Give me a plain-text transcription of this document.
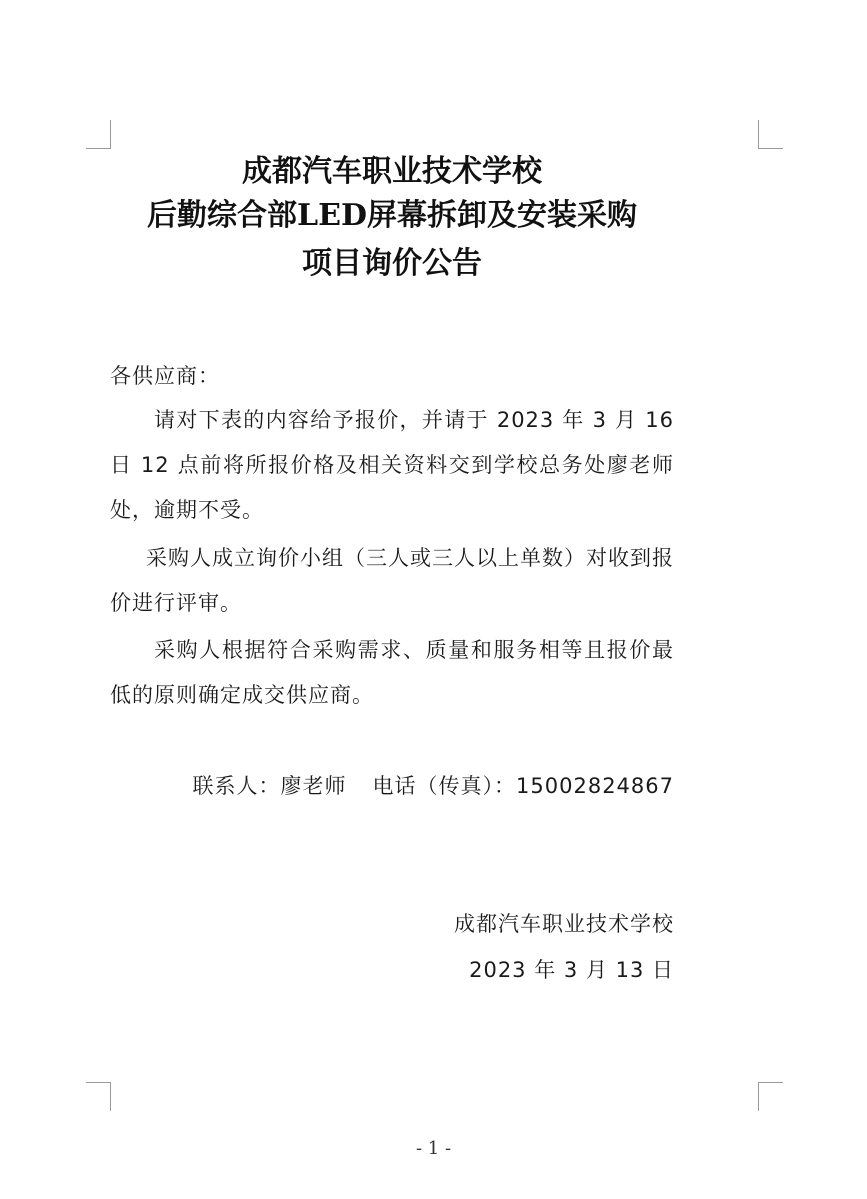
成都汽车职业技术学校
后勤综合部LED屏幕拆卸及安装采购
项目询价公告
各供应商：
请对下表的内容给予报价，并请于 2023 年 3 月 16 日 12 点前将所报价格及相关资料交到学校总务处廖老师处，逾期不受。
采购人成立询价小组（三人或三人以上单数）对收到报价进行评审。
采购人根据符合采购需求、质量和服务相等且报价最低的原则确定成交供应商。
联系人：廖老师 电话（传真）：15002824867
成都汽车职业技术学校
2023 年 3 月 13 日
- 1 -
